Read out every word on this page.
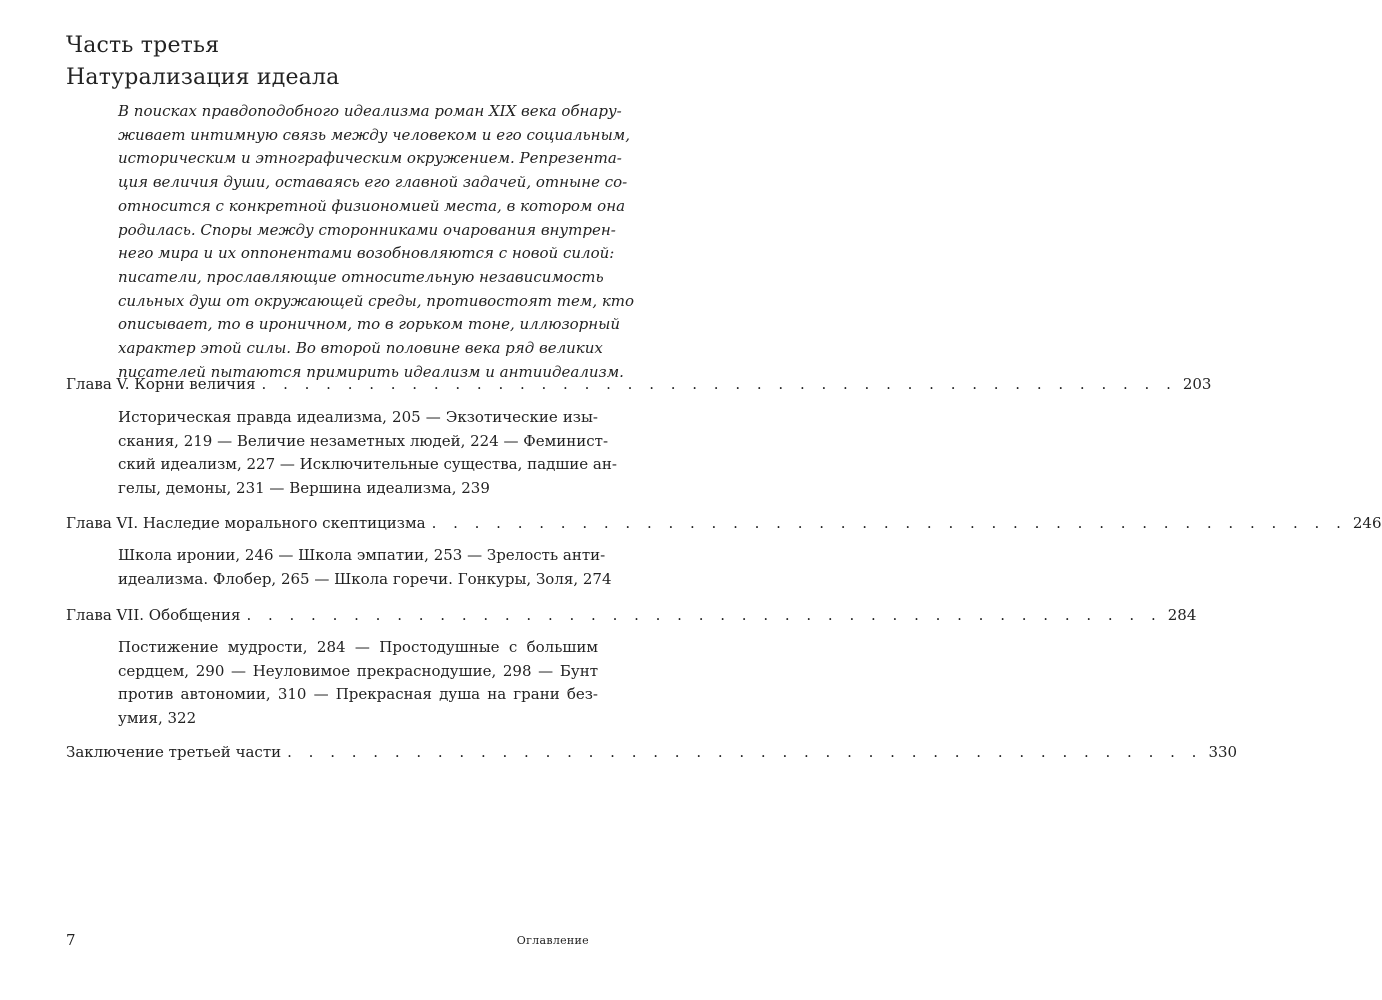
Часть третья
Натурализация идеала
В поисках правдоподобного идеализма роман XIX века обнару-
живает интимную связь между человеком и его социальным,
историческим и этнографическим окружением. Репрезента-
ция величия души, оставаясь его главной задачей, отныне со-
относится с конкретной физиономией места, в котором она
родилась. Споры между сторонниками очарования внутрен-
него мира и их оппонентами возобновляются с новой силой:
писатели, прославляющие относительную независимость
сильных душ от окружающей среды, противостоят тем, кто
описывает, то в ироничном, то в горьком тоне, иллюзорный
характер этой силы. Во второй половине века ряд великих
писателей пытаются примирить идеализм и антиидеализм.
Глава V. Корни величия . . . . . . . . . . . . . . . . . . . . . . . . . . . . . . . . . . . . . . . . . . . 203
Историческая правда идеализма, 205 — Экзотические изы-
скания, 219 — Величие незаметных людей, 224 — Феминист-
ский идеализм, 227 — Исключительные существа, падшие ан-
гелы, демоны, 231 — Вершина идеализма, 239
Глава VI. Наследие морального скептицизма . . . . . . . . . . . . . . . . . . . . . . . . . . . . . . . . . . . . . . . . . . . 246
Школа иронии, 246 — Школа эмпатии, 253 — Зрелость анти-
идеализма. Флобер, 265 — Школа горечи. Гонкуры, Золя, 274
Глава VII. Обобщения . . . . . . . . . . . . . . . . . . . . . . . . . . . . . . . . . . . . . . . . . . . 284
Постижение мудрости, 284 — Простодушные с большим
сердцем, 290 — Неуловимое прекраснодушие, 298 — Бунт
против автономии, 310 — Прекрасная душа на грани без-
умия, 322
Заключение третьей части . . . . . . . . . . . . . . . . . . . . . . . . . . . . . . . . . . . . . . . . . . . 330
7	Оглавление
